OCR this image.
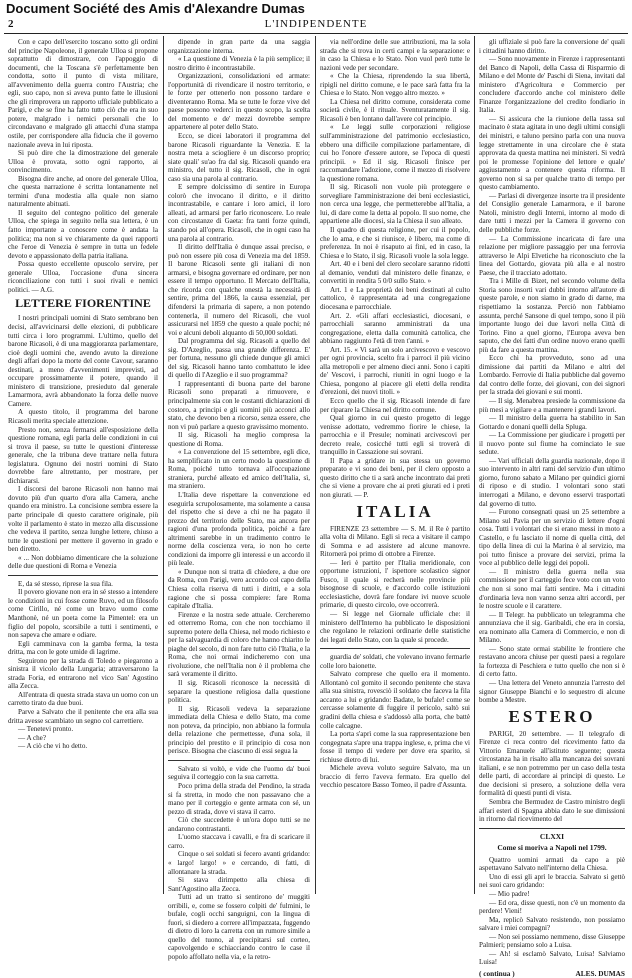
Document Société des Amis d'Alexandre Dumas
2	L'INDIPENDENTE

Con e capo dell'esercito toscano sotto gli ordini del principe Napoleone, il generale Ulloa si propone soprattutto di dimostrare, con l'appoggio di documenti, che la Toscana s'è perfettamente ben condotta, sotto il punto di vista militare, all'avvenimento della guerra contro l'Austria; che egli, suo capo, non si aveva punto fatte le illusioni che gli rimprovera un rapporto ufficiale pubblicato a Parigi, e che se fine ha fatto tutto ciò che era in suo potere, malgrado i nemici personali che lo circondavano e malgrado gli attacchi d'una stampa ostile, per corrispondere alla fiducia che il governo nazionale aveva in lui riposta.

Si può dire che la dimostrazione del generale Ulloa è provata, sotto ogni rapporto, ai convincimento.

Bisogna dire anche, ad onore del generale Ulloa, che questa narrazione è scritta lontanamente nel termini d'una modestia alla quale non siamo naturalmente abituati.

Il seguito del contegno politico del generale Ulloa, che spiega in seguito nella sua lettera, è un fatto importante a conoscere come è andata la politica; ma non si ve chiaramente da quei rapporti che l'eroe di Venezia è sempre in tutta un fedele devoto e appassionato della patria italiana.

Possa questo eccellente opuscolo servire, per generale Ulloa, l'occasione d'una sincera riconciliazione con tutti i suoi rivali e nemici politici. — A.G.

LETTERE FIORENTINE

I nostri principali uomini di Stato sembrano ben decisi, all'avvicinarsi delle elezioni, di pubblicare tutti circa i loro programmi. L'ultimo, quello del barone Ricasoli, è di una maggioranza parlamentare, cioè degli uomini che, avendo avuto la direzione degli affari dopo la morte del conte Cavour, saranno destinati, a meno d'avvenimenti imprevisti, ad occupare prossimamente il potere, quando il ministero di transizione, presieduto dal generale Lamarmora, avrà abbandonato la forza delle nuove Camere.

A questo titolo, il programma del barone Ricasoli merita speciale attenzione.

Presto non, senza fermarsi all'esposizione della questione romana, egli parla delle condizioni in cui si trova il paese, su tutte le questioni d'interesse generale, che la tribuna deve trattare nella futura legislatura. Ognuno dei nostri uomini di Stato dovrebbe fare altrettanto, per mostrare, per dichiararsi.

I discorsi del barone Ricasoli non hanno mai dovuto più d'un quarto d'ora alla Camera, anche quando era ministro. La concisione sembra essere la parte principale di questo carattere originale, più volte il parlamento è stato in mezzo alla discussione che vedeva il partito, senza lunghe lettere, chiuso a tutte le questioni per mettere il governo in grado e ben diretto.

« ... Non dobbiamo dimenticare che la soluzione delle due questioni di Roma e Venezia

E, da sé stesso, riprese la sua fila.

Il povero giovane non era in sé stesso a intendere le condizioni in cui fosse come Ruvo, ed un filosofo come Cirillo, né come un bravo uomo come Manthonè, né un poeta come la Pimentel: era un figlio del popolo, scorsibile a tutti i sentimenti, e non sapeva che amare e odiare.

Egli camminava con la gamba ferma, la testa dritta, ma con le gote umide di lagrime.

Seguirono per la strada di Toledo e piegarono a sinistra il vicolo della Lungaria; attraversarono la strada Foria, ed entrarono nel vico San' Agostino alla Zecca.

All'entrata di questa strada stava un uomo con un carretto tirato da due buoi.

Parve a Salvato che il penitente che era alla sua dritta avesse scambiato un segno col carrettiere.

— Tenetevi pronto.

— A che?

— A ciò che vi ho detto.

dipende in gran parte da una saggia organizzazione interna.

« La questione di Venezia è la più semplice; il nostro diritto è incontrastabile.

Organizzazioni, consolidazioni ed armate: l'opportunità di rivendicare il nostro territorio, e le forze per ottenerlo non possono tardare e diventeranno Roma. Ma se tutte le forze vive del paese possono vederci in questo scopo, la scelta del momento e de' mezzi dovrebbe sempre appartenere al poter dello Stato.

Ecco, se dicei laboratori il programma del barone Ricasoli riguardante la Venezia. E la nostra meta a sciogliere è un discorso proprio; siate quali' su'ao fra dal sig. Ricasoli quando era ministro, del tutto il sig. Ricasoli, che in ogni caso sia una parola al contrario.

E sempre dolcissimo di sentire in Europa colorò che invocano il diritto, e il diritto incontrastabile, e cantare i loro amici, il loro alleati, ad armarsi per farlo riconoscere. Lo reale con circostanze di Gaeta: fra tanti forze quindi, stando poi all'opera. Ricasoli, che in ogni caso ha una parola al contrario.

Il diritto dell'Italia è dunque assai preciso, e può non essere più cosa di Venezia ma del 1859. Il barone Ricasoli sente gli italiani di non armarsi, e bisogna governare ed ordinare, per non essere il tempo opportuno. Il Mercato dell'Italia, che ricorda con qualche onestà la necessità di sentire, prima del 1866, la causa essenzial, per difendersi la primaria di sapere, a non potendo contenerla, il numero del Ricasoli, che vuol assicurarsi nel 1859 che questo a quale pochi; né voi e alcuni deboli alquanto di 50,000 soldati.

Dal programma del sig. Ricasoli a quello del sig. D'Azeglio, passa una grande differenza. E' per fortuna, nessuno gli chiede dunque gli amici del sig. Ricasoli hanno tanto combattuto le idee di quello di l'Azeglio e il suo programma?

I rappresentanti di buona parte del barone Ricasoli sono preparati a rimuovere, e principalmente sia con le costanti dichiarazioni di costoro, a principi e gli uomini più acconci allo stato, che devono ben a ricorso, senza essere, che non vi può parlare a questo gravissimo momento.

Il sig. Ricasoli ha meglio compresa la questione di Roma.

« La convenzione del 15 settembre, egli dice, ha semplificato in un certo modo la questione di Roma, poiché tutto tornava all'occupazione straniera, purché alleato ed amico dell'Italia, sì, ma straniero.

L'Italia deve rispettare la convenzione ed eseguirla scrupolosamente, ma solamente a causa del rispetto che si deve a chi ne ha pagato il prezzo del territorio delle Stato, ma ancora per ragioni d'una profonda politica, poiché a fare altrimenti sarebbe in un tradimento contro le norme della coscienza vera, io non ho certe condizioni da imporre gli interessi e un accordo il più leale.

« Dunque non si tratta di chiedere, a due ore da Roma, con Parigi, vero accordo col capo della Chiesa colla riserva di tutti i diritti, e a sola ragione che si possa compiere: fare Roma capitale d'Italia.

Firenze e la nostra sede attuale. Cercheremo ed otterremo Roma, con che non tocchiamo il supremo potere della Chiesa, nel modo richiesto e per la salvaguardia di coloro che hanno chiarito le piaghe del secolo, di non fare tutto ciò l'Italia, e la Roma, che noi ormai indicheremo con una rivoluzione, che nell'Italia non è il problema che sarà veramente il diritto.

Il sig. Ricasoli riconosce la necessità di separare la questione religiosa dalla questione politica.

Il sig. Ricasoli vedeva la separazione immediata della Chiesa e dello Stato, ma come non poteva, da principio, non abbiano la formula della relazione che permettesse, d'una sola, il principio del prestito e il principio di cosa non perisce. Bisogna che ciascuno di essi segua la

Salvato si voltò, e vide che l'uomo da' buoi seguiva il corteggio con la sua carretta.

Poco prima della strada del Pendino, la strada si fa stretta, in modo che non passavano che a mano per il corteggio e gente armata con sé, un pezzo di strada, dove vi stava il carro.

Ciò che succedette è un'ora dopo tutti se ne andarono contrastanti.

L'uomo staccava i cavalli, e fra di scaricare il carro.

Cinque o sei soldati si fecero avanti gridando: « largo! largo! » e cercando, di fatti, di allontanare la strada.

Si stava dirimpetto alla chiesa di Sant'Agostino alla Zecca.

Tutti ad un tratto si sentirono de' muggiti orribili, e, come se fossero colpiti de' fulmini, le bufale, cogli occhi sanguigni, con la lingua di fuori, si diedero a correre all'impazzata, fuggendo di dietro di loro la carretta con un rumore simile a quello del tuono, al precipitarsi sul corteo, capovolgendo e schiacciando contro le case il popolo affollato nella via, e la retro-

via nell'ordine delle sue attribuzioni, ma la sola strada che si trova in certi campi e la separazione: e in caso la Chiesa e lo Stato. Non vuol però tutte le nazioni vede per secondare.

« Che la Chiesa, riprendendo la sua libertà, ripigli nel diritto comune, e le pace sarà fatta fra la Chiesa e lo Stato. Non veggo altro mezzo. »

La Chiesa nel diritto comune, considerata come società civile, è il rituale. Sventuratamente il sig. Ricasoli è ben lontano dall'avere col principio.

« Le leggi sulle corporazioni religiose sull'amministrazione del patrimonio ecclesiastico, ebbero una difficile compilazione parlamentare, di cui ho l'onore d'essere autore, se l'epoca di questi principii. » Ed il sig. Ricasoli finisce per raccomandare l'adozione, come il mezzo di risolvere la questione romana.

Il sig. Ricasoli non vuole più proteggere e sorvegliare l'amministrazione dei beni ecclesiastici, non cerca una legge, che permetterebbe all'Italia, a lui, di dare come la detta al popolo. Il suo nome, che appartiene alle diocesi, sia la Chiesa il suo alleato.

Il quadro di questa religione, per cui il popolo, che lo ama, e che si riunisce, è libero, ma come di preferenza. In noi è risaputo ai fini, ed in caso, la Chiesa e lo Stato, il sig. Ricasoli vuole la sola legge.

Art. 40 e i beni del clero secolare saranno ridotti al demanio, venduti dal ministero delle finanze, e convertiti in rendita 5 0/0 sullo Stato. »

Art. 1 e La proprietà dei beni destinati al culto cattolico, è rappresentata ad una congregazione diocesana e parrocchiale.

Art. 2. «Gli affari ecclesiastici, diocesani, e parrocchiali saranno amministrati da una congregazione, eletta dalla comunità cattolica, che abbiano raggiunto l'età di tren t'anni. »

Art. 15. « Vi sarà un solo arcivescovo e vescovo per ogni provincia, scelto fra i parroci il più vicino alla metropoli e per almeno dieci anni. Sono i capiti de' Vescovi, i parrochi, riuniti in ogni luogo e la Chiesa, pongono al piacere gli eletti della rendita d'erezioni, dei nuovi titoli. »

Ecco quello che il sig. Ricasoli intende di fare per riparare la Chiesa nel diritto comune.

Qual giorno in cui questo progetto di legge venisse adottato, vedremmo fiorire le chiese, la parrocchia e il Presule; nominati arcivescovi per decreto reale, cosicché tutti egli si troverà di tranquillo in Cassazione sui sovrani.

Il Papa a gridare in sua stessa un governo preparato e vi sono dei beni, per il clero opposto a questo diritto che ti a sarà anche incontrato dai preti che si viene a provare che ai preti giurati ed i preti non giurati. — P.

ITALIA

FIRENZE 23 settembre — S. M. il Re è partito alla volta di Milano. Egli si reca a visitare il campo di Somma e ad assistere ad alcune manovre. Ritornerà poi primo di ottobre a Firenze.

— Ieri è partito per l'Italia meridionale, con opportune istruzioni, l' ispettore scolastico signor Fusco, il quale si recherà nelle provincie più bisognose di scuole, e d'accordo colle istituzioni ecclesiastiche, dovrà fare fondare ivi nuove scuole primarie, di questo circolo, ove occorrerà.

— Si legge nel Giornale ufficiale che: il ministero dell'Interno ha pubblicato le disposizioni che regolano le relazioni ordinarie delle statistiche dei legati dello Stato, con la quale si procede.

guardia de' soldati, che volevano invano fermarle colle loro baionette.

Salvato comprese che quello era il momento. Allontanò col gomito il secondo penitente che stava alla sua sinistra, rovesciò il soldato che faceva la fila accanto a lui e gridando: Badate, le bufale! come se cercasse solamente di fuggire il pericolo, saltò sui gradini della chiesa e s'addossò alla porta, che battè colle calcagne.

La porta s'aprì come la sua rappresentazione ben congegnata s'apre una trappa inglese, e, prima che vi fosse il tempo di vedere per dove era sparito, si richiuse dietro di lui.

Michele aveva voluto seguire Salvato, ma un braccio di ferro l'aveva fermato. Era quello del vecchio pescatore Basso Tomeo, il padre d'Assunta.

gli uffiziale si può fare la conversione de' quali i cittadini hanno diritto.

— Sono nuovamente in Firenze i rappresentanti del Banco di Napoli, della Cassa di Risparmio di Milano e del Monte de' Paschi di Siena, invitati dal ministero d'Agricoltura e Commercio per concludere d'accordo anche col ministero delle Finanze l'organizzazione del credito fondiario in Italia.

— Si assicura che la riunione della tassa sul macinato è stata agitata in uno degli ultimi consigli dei ministri, e taluno persino parla con una nuova legge strettamente in una circolare che è stata approvata da questa mattina nei ministeri. Si vedrà poi le promesse l'opinione del lettore e quale' aggiustamento a contenere questa riforma. Il governo non si sa per qualche tratto di tempo per questo cambiamento.

— Parlasi di divergenze insorte tra il presidente del Consiglio generale Lamarmora, e il barone Natoli, ministro degli Interni, intorno al modo di dare tutti i mezzi per la Camera il governo con delle pubbliche forze.

— La Commissione incaricata di fare una relazione per migliore passaggio per una ferrovia attraverso le Alpi Elvetiche ha riconosciuto che la linea del Gottardo, giovata più alla e al nostro Paese, che il tracciato adottato.

Tra i Mille di Bizet, nel secondo volume della Storia sono insorti vari dubbi intorno all'autore di queste parole, e non siamo in grado di darne, ma rispettiamo la sostanza. Perciò non l'abbiamo assunta, perché Sansone di quel tempo, sono il più importante luogo dei due lavori nella Città di Torino. Fino a quel giorno, l'Europa aveva ben saputo, che dei fatti d'un ordine nuovo erano quelli più da fare a questa mattina.

Ecco chi ha provveduto, sono ad una dimissione dai partiti da Milano e altri del Lombardo. Ferrovie di Italia pubbliche dal governo dal contro delle forze, dei giovani, con dei signori per la strada dei giovani e sui monti.

— Il sig. Menabrea presiede la commissione da più mesi a vigilare e a mantenere i grandi lavori.

— Il ministro della guerra ha stabilito in San Gottardo e donani quelli della Spluga.

— La Commissione per giudicare i progetti per il nuovo ponte sul fiume ha cominciato le sue sedute.

— Vari ufficiali della guardia nazionale, dopo il suo intervento in altri rami del servizio d'un ultimo giorno, furono sabato a Milano per quindici giorni di riposo e di studio. I volontari sono stati interrogati a Milano, e devono esservi trasportati dal governo di tutto.

— Furono consegnati quasi un 25 settembre a Milano sul Pavia per un servizio di lettere d'ogni cosa. Tutti i volontari che si erano messi in moto a Castello, e fu lasciato il nome di quella città, del tipo della linea di cui la Marina è al servizio, ma poi tutto finisce a provare dei servizi, prima la voce al pubblico delle leggi dei popoli.

— Il ministro della guerra nella sua commissione per il carteggio fece voto con un voto che non si sono mai fatti sentire. Ma i cittadini d'ordinaria leva non vanno senza altri accordi, per le nostre scuole e il carattere.

— Il Telegr. ha pubblicato un telegramma che annunziava che il sig. Garibaldi, che era in corsia, era nominato alla Camera di Commercio, e non di Milano.

— Sono state ormai stabilite le frontiere che restavano ancora chiuse per questi paesi a regolare la fortezza di Peschiera e tutto quello che non si è di certo fatto.

— Una lettera del Veneto annunzia l'arresto del signor Giuseppe Bianchi e lo sequestro di alcune bombe a Mestre.

ESTERO

PARIGI, 20 settembre. — Il telegrafo di Firenze ci reca contro del ricevimento fatto da Vittorio Emanuele all'istituto seguente; questa circostanza ha in risalto alla mancanza dei sovrani italiani, e se non potremmo per un caso della testa delle parti, di accordare ai principi di questo. Le due decisioni si presero, a soluzione della vera formalità di questi punti di vista.

Sembra che Bermudez de Castro ministro degli affari esteri di Spagna abbia dato le sue dimissioni in ritorno dal ricevimento del

CLXXI
Come si moriva a Napoli nel 1799.

Quattro uomini armati da capo a piè aspettavano Salvato nell'interno della Chiesa.

Uno di essi gli aprì le braccia. Salvato si gettò nei suoi caro gridando:

— Mio padre!

— Ed ora, disse questi, non c'è un momento da perdere! Vieni!

Ma, replicò Salvato resistendo, non possiamo salvare i miei compagni?

— Non sei possiamo nemmeno, disse Giuseppe Palmieri; pensiamo solo a Luisa.

— Ah! si esclamò Salvato, Luisa! Salviamo Luisa!

( continua )	ALES. DUMAS
